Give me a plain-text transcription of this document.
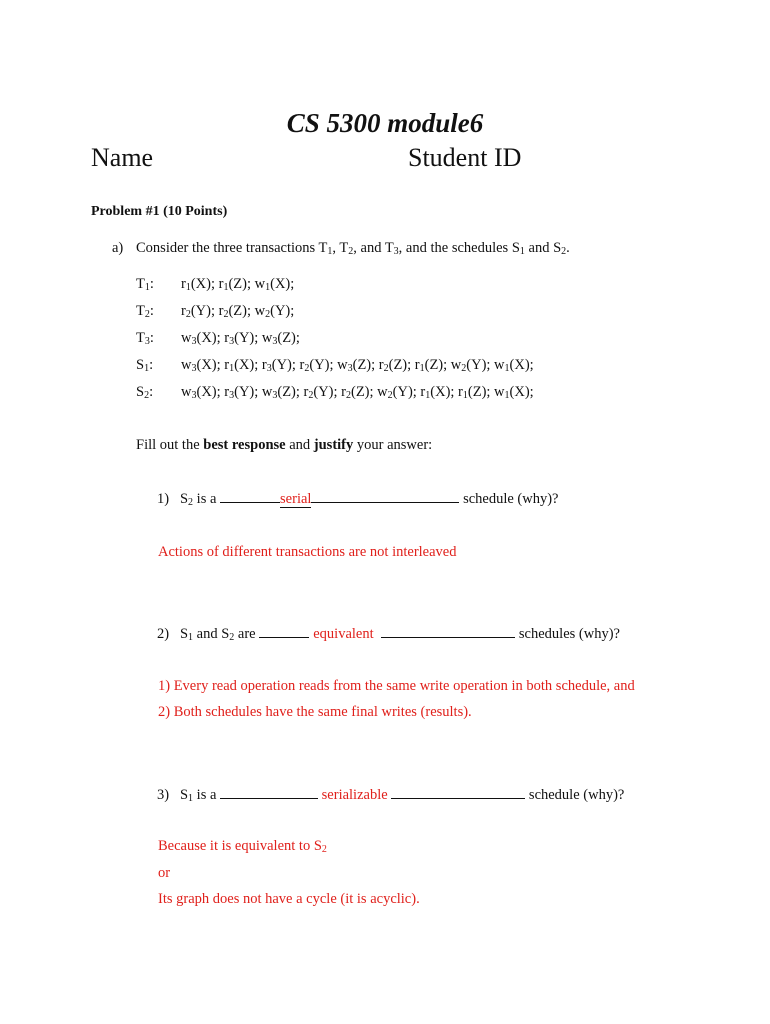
CS 5300 module6
Name	Student ID
Problem #1 (10 Points)
a) Consider the three transactions $T_1$, $T_2$, and $T_3$, and the schedules $S_1$ and $S_2$.
$T_1$: $r_1(X)$; $r_1(Z)$; $w_1(X)$;
$T_2$: $r_2(Y)$; $r_2(Z)$; $w_2(Y)$;
$T_3$: $w_3(X)$; $r_3(Y)$; $w_3(Z)$;
$S_1$: $w_3(X)$; $r_1(X)$; $r_3(Y)$; $r_2(Y)$; $w_3(Z)$; $r_2(Z)$; $r_1(Z)$; $w_2(Y)$; $w_1(X)$;
$S_2$: $w_3(X)$; $r_3(Y)$; $w_3(Z)$; $r_2(Y)$; $r_2(Z)$; $w_2(Y)$; $r_1(X)$; $r_1(Z)$; $w_1(X)$;
Fill out the best response and justify your answer:
1) $S_2$ is a	serial	schedule (why)?
Actions of different transactions are not interleaved
2) $S_1$ and $S_2$ are	equivalent	schedules (why)?
1) Every read operation reads from the same write operation in both schedule, and
2) Both schedules have the same final writes (results).
3) $S_1$ is a	serializable	schedule (why)?
Because it is equivalent to $S_2$
or
Its graph does not have a cycle (it is acyclic).
